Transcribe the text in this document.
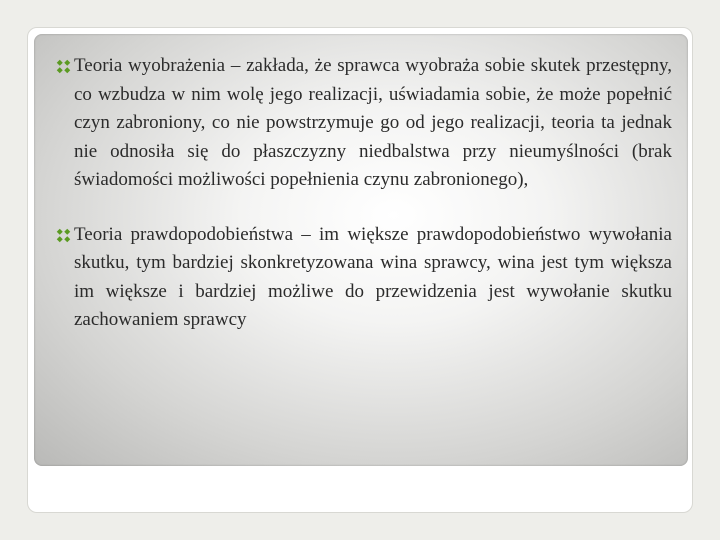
Teoria wyobrażenia – zakłada, że sprawca wyobraża sobie skutek przestępny, co wzbudza w nim wolę jego realizacji, uświadamia sobie, że może popełnić czyn zabroniony, co nie powstrzymuje go od jego realizacji, teoria ta jednak nie odnosiła się do płaszczyzny niedbalstwa przy nieumyślności (brak świadomości możliwości popełnienia czynu zabronionego),
Teoria prawdopodobieństwa – im większe prawdopodobieństwo wywołania skutku, tym bardziej skonkretyzowana wina sprawcy, wina jest tym większa im większe i bardziej możliwe do przewidzenia jest wywołanie skutku zachowaniem sprawcy
